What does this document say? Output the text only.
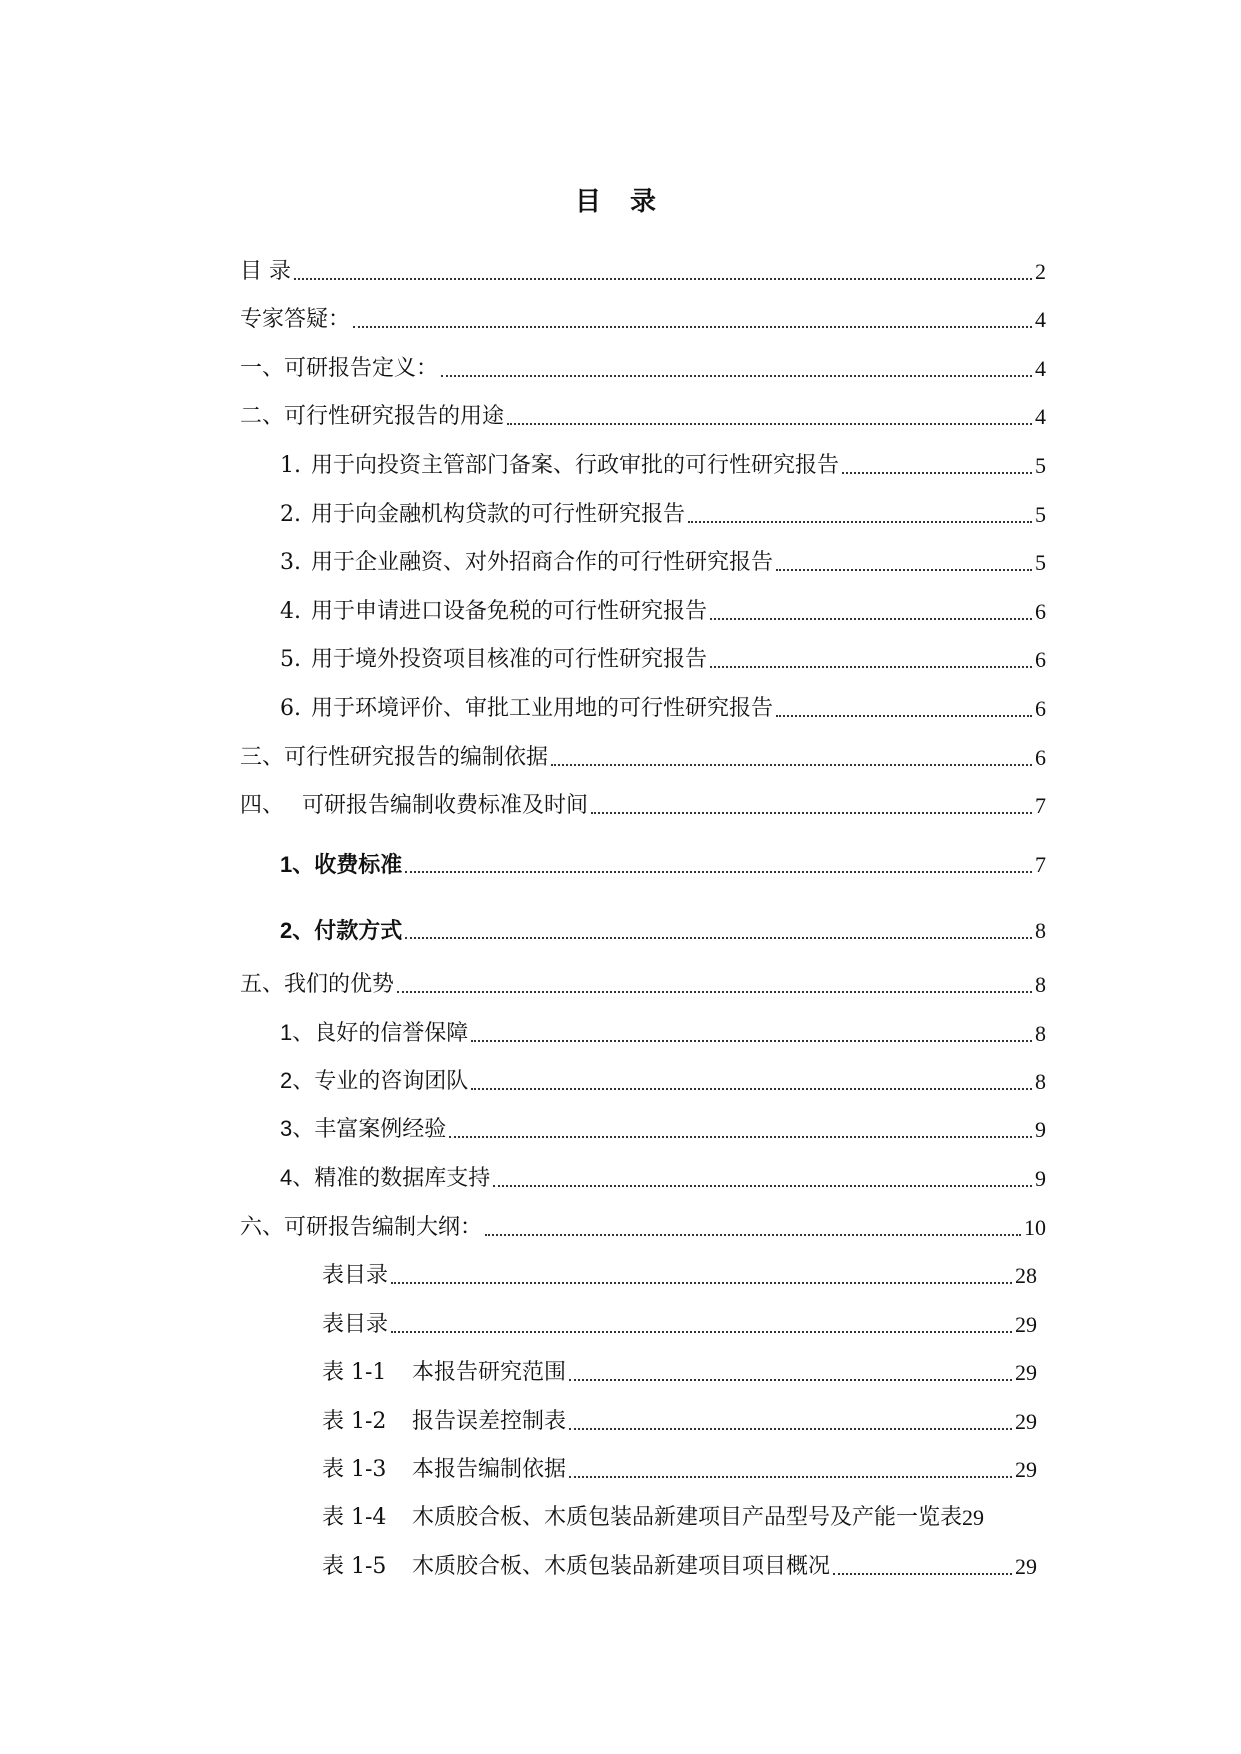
目 录
目 录	2
专家答疑：	4
一、可研报告定义：	4
二、可行性研究报告的用途	4
1. 用于向投资主管部门备案、行政审批的可行性研究报告	5
2. 用于向金融机构贷款的可行性研究报告	5
3. 用于企业融资、对外招商合作的可行性研究报告	5
4. 用于申请进口设备免税的可行性研究报告	6
5. 用于境外投资项目核准的可行性研究报告	6
6. 用于环境评价、审批工业用地的可行性研究报告	6
三、可行性研究报告的编制依据	6
四、 可研报告编制收费标准及时间	7
1、收费标准	7
2、付款方式	8
五、我们的优势	8
1、良好的信誉保障	8
2、专业的咨询团队	8
3、丰富案例经验	9
4、精准的数据库支持	9
六、可研报告编制大纲：	10
表目录	28
表目录	29
表 1-1 本报告研究范围	29
表 1-2 报告误差控制表	29
表 1-3 本报告编制依据	29
表 1-4 木质胶合板、木质包装品新建项目产品型号及产能一览表 29
表 1-5 木质胶合板、木质包装品新建项目项目概况	29
